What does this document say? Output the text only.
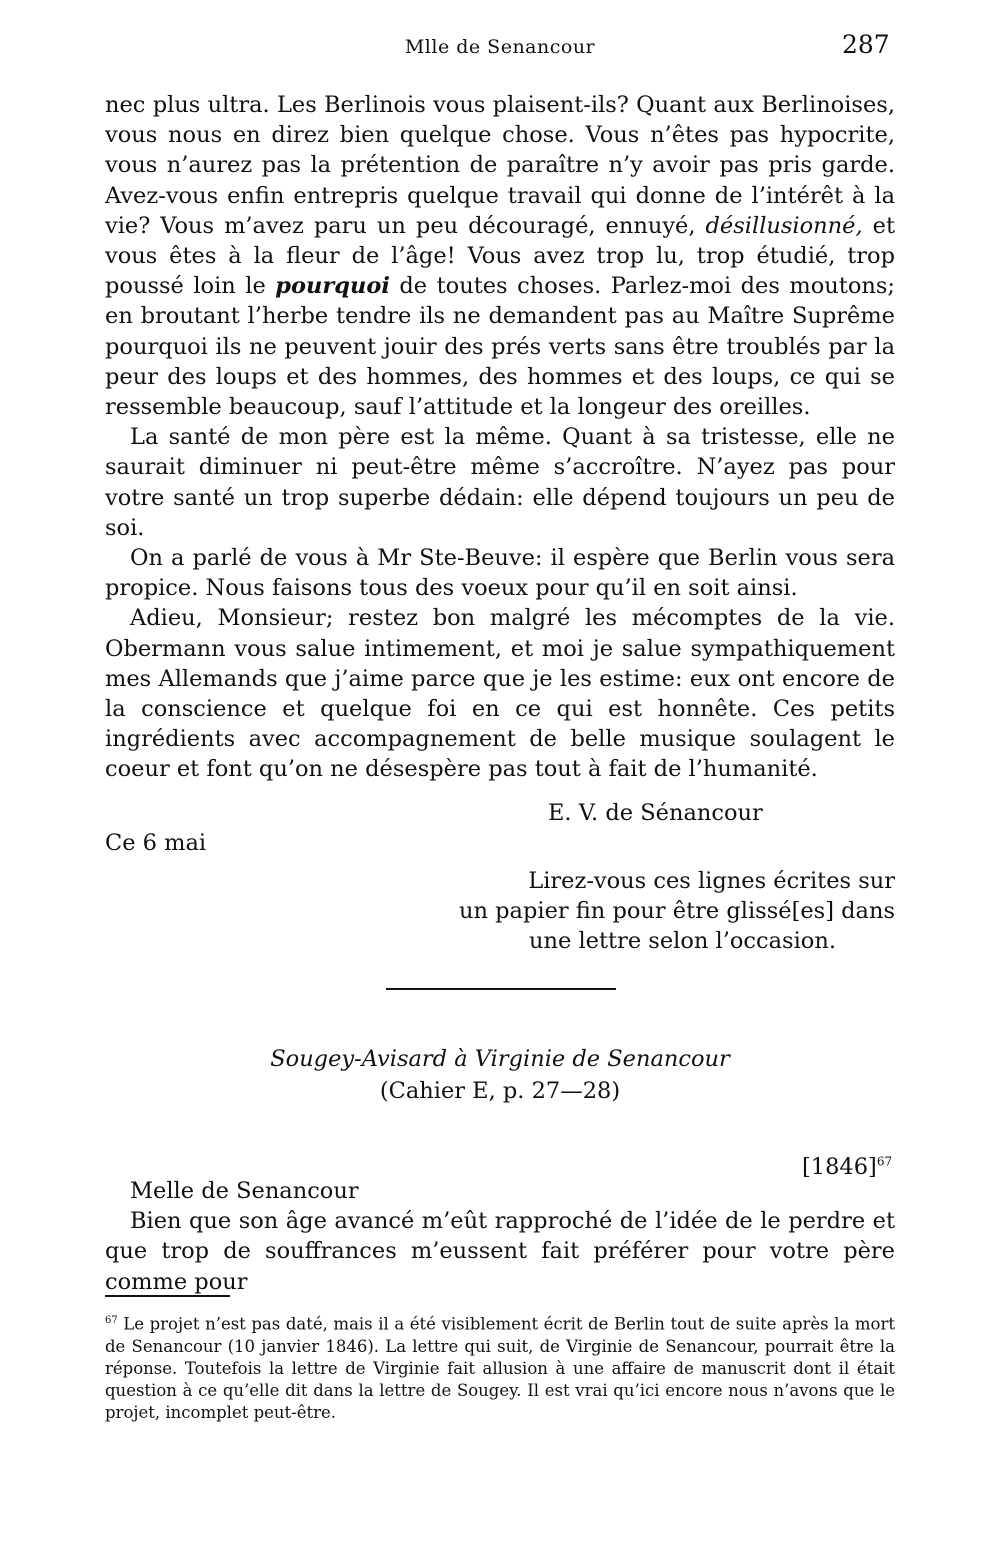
Mlle de Senancour	287

nec plus ultra. Les Berlinois vous plaisent-ils? Quant aux Berlinoises, vous nous en direz bien quelque chose. Vous n’êtes pas hypocrite, vous n’aurez pas la prétention de paraître n’y avoir pas pris garde. Avez-vous enfin entrepris quelque travail qui donne de l’intérêt à la vie? Vous m’avez paru un peu découragé, ennuyé, désillusionné, et vous êtes à la fleur de l’âge! Vous avez trop lu, trop étudié, trop poussé loin le pourquoi de toutes choses. Parlez-moi des moutons; en broutant l’herbe tendre ils ne demandent pas au Maître Suprême pourquoi ils ne peuvent jouir des prés verts sans être troublés par la peur des loups et des hommes, des hommes et des loups, ce qui se ressemble beaucoup, sauf l’attitude et la longeur des oreilles.

La santé de mon père est la même. Quant à sa tristesse, elle ne saurait diminuer ni peut-être même s’accroître. N’ayez pas pour votre santé un trop superbe dédain: elle dépend toujours un peu de soi.

On a parlé de vous à Mr Ste-Beuve: il espère que Berlin vous sera propice. Nous faisons tous des voeux pour qu’il en soit ainsi.

Adieu, Monsieur; restez bon malgré les mécomptes de la vie. Obermann vous salue intimement, et moi je salue sympathiquement mes Allemands que j’aime parce que je les estime: eux ont encore de la conscience et quelque foi en ce qui est honnête. Ces petits ingrédients avec accompagnement de belle musique soulagent le coeur et font qu’on ne désespère pas tout à fait de l’humanité.

E. V. de Sénancour
Ce 6 mai
Lirez-vous ces lignes écrites sur
un papier fin pour être glissé[es] dans
une lettre selon l’occasion.
Sougey-Avisard à Virginie de Senancour
(Cahier E, p. 27—28)
$[1846]^{67}$

Melle de Senancour

Bien que son âge avancé m’eût rapproché de l’idée de le perdre et que trop de souffrances m’eussent fait préférer pour votre père comme pour

$^{67}$ Le projet n’est pas daté, mais il a été visiblement écrit de Berlin tout de suite après la mort de Senancour (10 janvier 1846). La lettre qui suit, de Virginie de Senancour, pourrait être la réponse. Toutefois la lettre de Virginie fait allusion à une affaire de manuscrit dont il était question à ce qu’elle dit dans la lettre de Sougey. Il est vrai qu’ici encore nous n’avons que le projet, incomplet peut-être.
